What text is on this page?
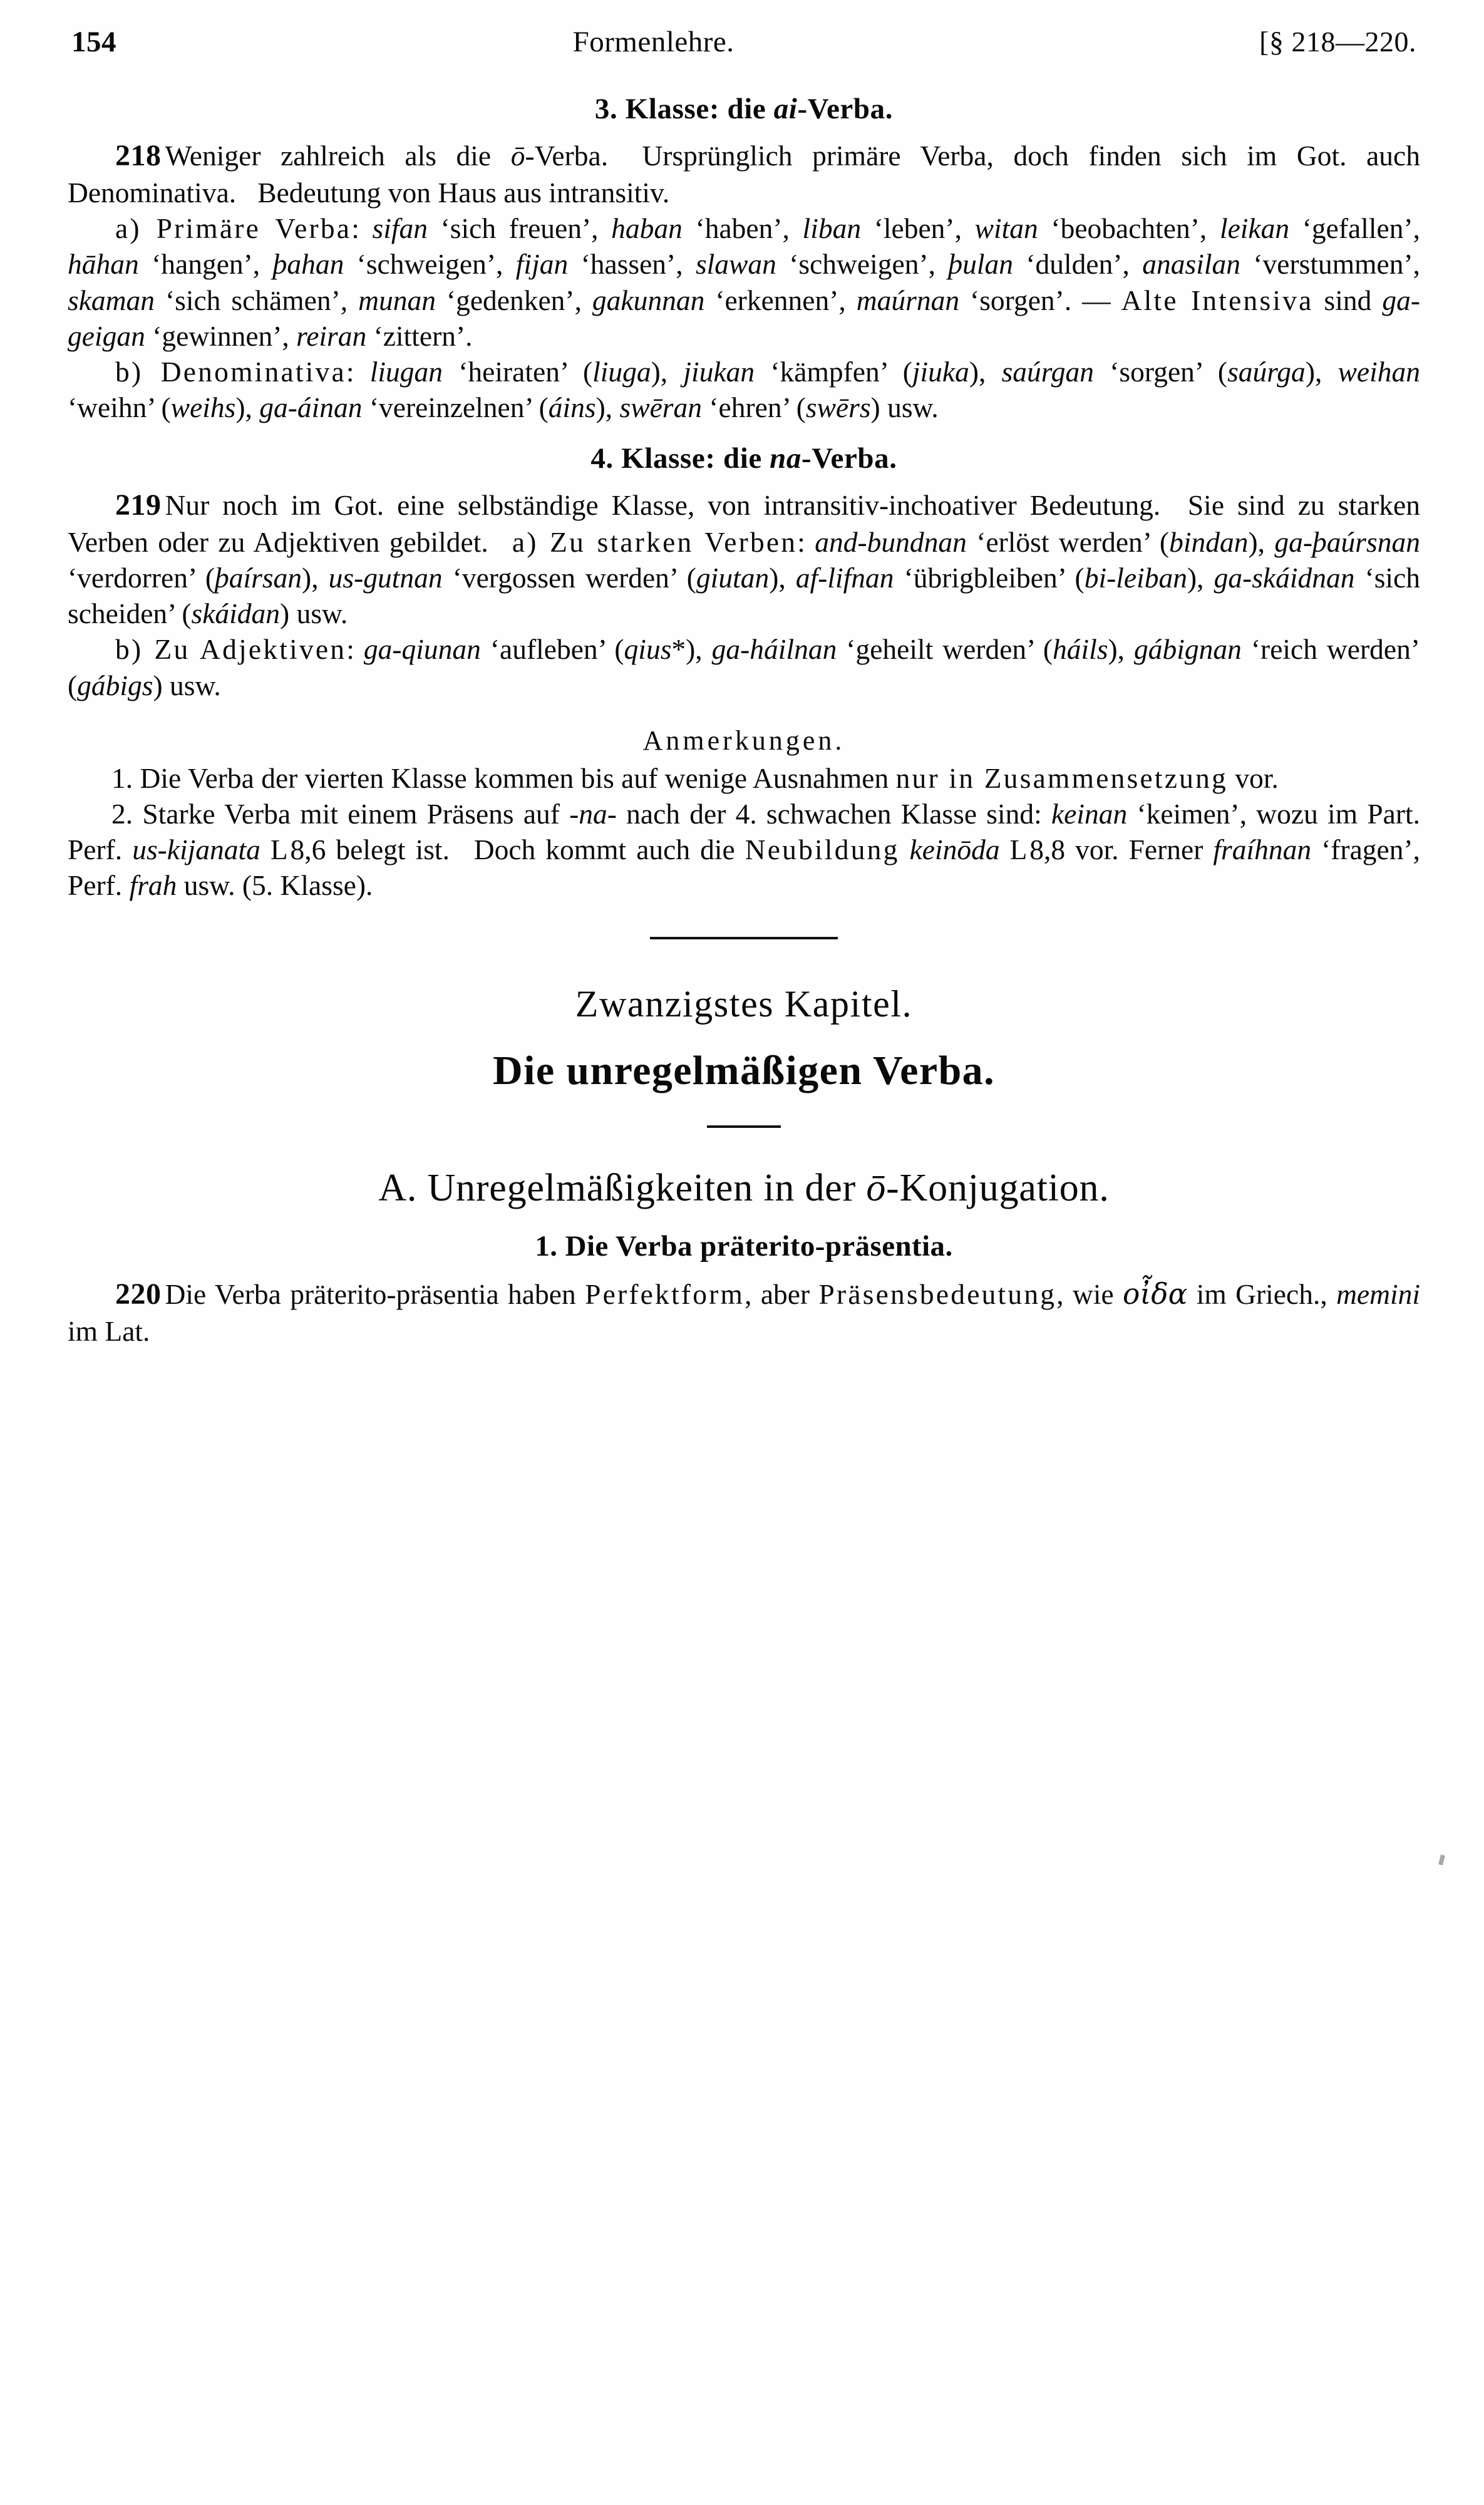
154	Formenlehre.	[§ 218—220.
3. Klasse: die ai-Verba.

218 Weniger zahlreich als die ō-Verba.  Ursprünglich primäre Verba, doch finden sich im Got. auch Denominativa.  Bedeutung von Haus aus intransitiv.

a) Primäre Verba: sifan ‘sich freuen’, haban ‘haben’, liban ‘leben’, witan ‘beobachten’, leikan ‘gefallen’, hāhan ‘hangen’, þahan ‘schweigen’, fijan ‘hassen’, slawan ‘schweigen’, þulan ‘dulden’, anasilan ‘verstummen’, skaman ‘sich schämen’, munan ‘gedenken’, gakunnan ‘erkennen’, maúrnan ‘sorgen’. — Alte Intensiva sind ga-geigan ‘gewinnen’, reiran ‘zittern’.

b) Denominativa: liugan ‘heiraten’ (liuga), jiukan ‘kämpfen’ (jiuka), saúrgan ‘sorgen’ (saúrga), weihan ‘weihn’ (weihs), ga-áinan ‘vereinzelnen’ (áins), swēran ‘ehren’ (swērs) usw.

4. Klasse: die na-Verba.

219 Nur noch im Got. eine selbständige Klasse, von intransitiv-inchoativer Bedeutung.  Sie sind zu starken Verben oder zu Adjektiven gebildet.  a) Zu starken Verben: and-bundnan ‘erlöst werden’ (bindan), ga-þaúrsnan ‘verdorren’ (þaírsan), us-gutnan ‘vergossen werden’ (giutan), af-lifnan ‘übrigbleiben’ (bi-leiban), ga-skáidnan ‘sich scheiden’ (skáidan) usw.

b) Zu Adjektiven: ga-qiunan ‘aufleben’ (qius*), ga-háilnan ‘geheilt werden’ (háils), gábignan ‘reich werden’ (gábigs) usw.

Anmerkungen.

1. Die Verba der vierten Klasse kommen bis auf wenige Ausnahmen nur in Zusammensetzung vor.

2. Starke Verba mit einem Präsens auf -na- nach der 4. schwachen Klasse sind: keinan ‘keimen’, wozu im Part. Perf. us-kijanata L 8,6 belegt ist.  Doch kommt auch die Neubildung keinōda L 8,8 vor. Ferner fraíhnan ‘fragen’, Perf. frah usw. (5. Klasse).

Zwanzigstes Kapitel.
Die unregelmäßigen Verba.
A. Unregelmäßigkeiten in der ō-Konjugation.
1. Die Verba präterito-präsentia.

220 Die Verba präterito-präsentia haben Perfektform, aber Präsensbedeutung, wie οἶδα im Griech., memini im Lat.
